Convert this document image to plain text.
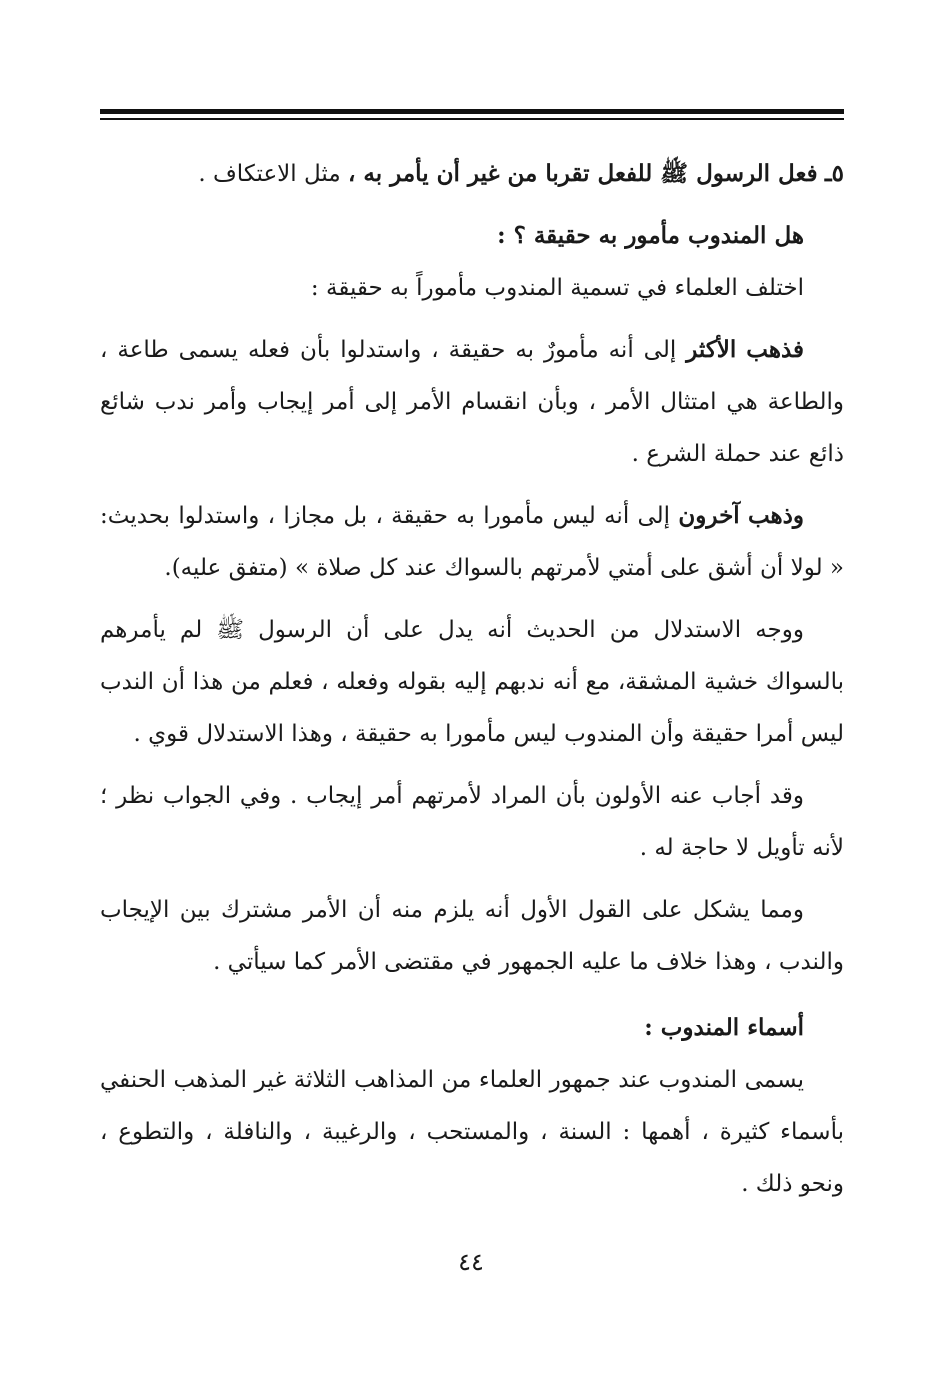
٥ـ فعل الرسول ﷺ للفعل تقربا من غير أن يأمر به ، مثل الاعتكاف .

هل المندوب مأمور به حقيقة ؟ :

اختلف العلماء في تسمية المندوب مأموراً به حقيقة :

فذهب الأكثر إلى أنه مأمورٌ به حقيقة ، واستدلوا بأن فعله يسمى طاعة ، والطاعة هي امتثال الأمر ، وبأن انقسام الأمر إلى أمر إيجاب وأمر ندب شائع ذائع عند حملة الشرع .

وذهب آخرون إلى أنه ليس مأمورا به حقيقة ، بل مجازا ، واستدلوا بحديث: « لولا أن أشق على أمتي لأمرتهم بالسواك عند كل صلاة » (متفق عليه).

ووجه الاستدلال من الحديث أنه يدل على أن الرسول ﷺ لم يأمرهم بالسواك خشية المشقة، مع أنه ندبهم إليه بقوله وفعله ، فعلم من هذا أن الندب ليس أمرا حقيقة وأن المندوب ليس مأمورا به حقيقة ، وهذا الاستدلال قوي .

وقد أجاب عنه الأولون بأن المراد لأمرتهم أمر إيجاب . وفي الجواب نظر ؛ لأنه تأويل لا حاجة له .

ومما يشكل على القول الأول أنه يلزم منه أن الأمر مشترك بين الإيجاب والندب ، وهذا خلاف ما عليه الجمهور في مقتضى الأمر كما سيأتي .

أسماء المندوب :

يسمى المندوب عند جمهور العلماء من المذاهب الثلاثة غير المذهب الحنفي بأسماء كثيرة ، أهمها : السنة ، والمستحب ، والرغيبة ، والنافلة ، والتطوع ، ونحو ذلك .

٤٤
